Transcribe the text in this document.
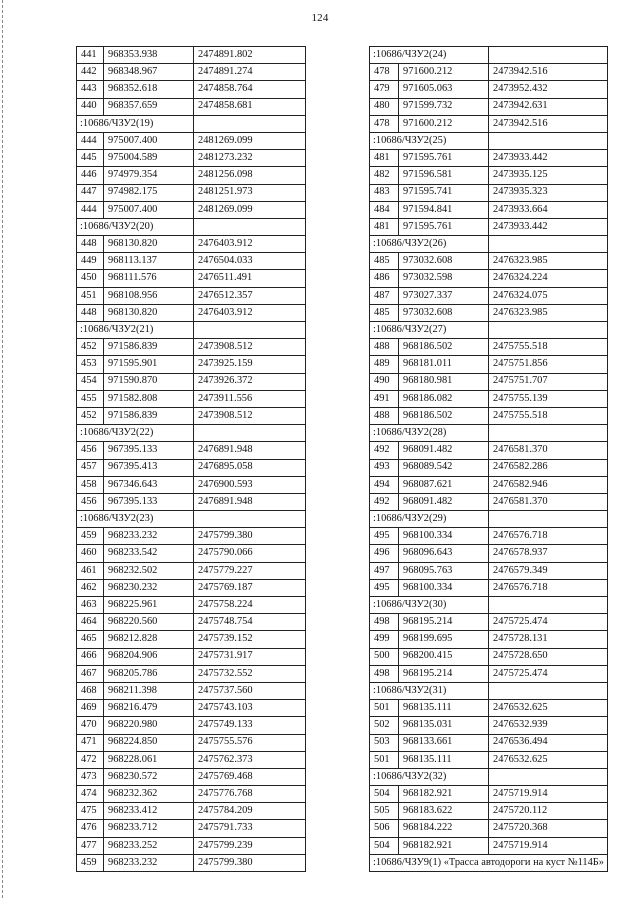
124
441	968353.938	2474891.802
442	968348.967	2474891.274
443	968352.618	2474858.764
440	968357.659	2474858.681
:10686/ЧЗУ2(19)		
444	975007.400	2481269.099
445	975004.589	2481273.232
446	974979.354	2481256.098
447	974982.175	2481251.973
444	975007.400	2481269.099
:10686/ЧЗУ2(20)		
448	968130.820	2476403.912
449	968113.137	2476504.033
450	968111.576	2476511.491
451	968108.956	2476512.357
448	968130.820	2476403.912
:10686/ЧЗУ2(21)		
452	971586.839	2473908.512
453	971595.901	2473925.159
454	971590.870	2473926.372
455	971582.808	2473911.556
452	971586.839	2473908.512
:10686/ЧЗУ2(22)		
456	967395.133	2476891.948
457	967395.413	2476895.058
458	967346.643	2476900.593
456	967395.133	2476891.948
:10686/ЧЗУ2(23)		
459	968233.232	2475799.380
460	968233.542	2475790.066
461	968232.502	2475779.227
462	968230.232	2475769.187
463	968225.961	2475758.224
464	968220.560	2475748.754
465	968212.828	2475739.152
466	968204.906	2475731.917
467	968205.786	2475732.552
468	968211.398	2475737.560
469	968216.479	2475743.103
470	968220.980	2475749.133
471	968224.850	2475755.576
472	968228.061	2475762.373
473	968230.572	2475769.468
474	968232.362	2475776.768
475	968233.412	2475784.209
476	968233.712	2475791.733
477	968233.252	2475799.239
459	968233.232	2475799.380
:10686/ЧЗУ2(24)		
478	971600.212	2473942.516
479	971605.063	2473952.432
480	971599.732	2473942.631
478	971600.212	2473942.516
:10686/ЧЗУ2(25)		
481	971595.761	2473933.442
482	971596.581	2473935.125
483	971595.741	2473935.323
484	971594.841	2473933.664
481	971595.761	2473933.442
:10686/ЧЗУ2(26)		
485	973032.608	2476323.985
486	973032.598	2476324.224
487	973027.337	2476324.075
485	973032.608	2476323.985
:10686/ЧЗУ2(27)		
488	968186.502	2475755.518
489	968181.011	2475751.856
490	968180.981	2475751.707
491	968186.082	2475755.139
488	968186.502	2475755.518
:10686/ЧЗУ2(28)		
492	968091.482	2476581.370
493	968089.542	2476582.286
494	968087.621	2476582.946
492	968091.482	2476581.370
:10686/ЧЗУ2(29)		
495	968100.334	2476576.718
496	968096.643	2476578.937
497	968095.763	2476579.349
495	968100.334	2476576.718
:10686/ЧЗУ2(30)		
498	968195.214	2475725.474
499	968199.695	2475728.131
500	968200.415	2475728.650
498	968195.214	2475725.474
:10686/ЧЗУ2(31)		
501	968135.111	2476532.625
502	968135.031	2476532.939
503	968133.661	2476536.494
501	968135.111	2476532.625
:10686/ЧЗУ2(32)		
504	968182.921	2475719.914
505	968183.622	2475720.112
506	968184.222	2475720.368
504	968182.921	2475719.914
:10686/ЧЗУ9(1) «Трасса автодороги на куст №114Б»		
